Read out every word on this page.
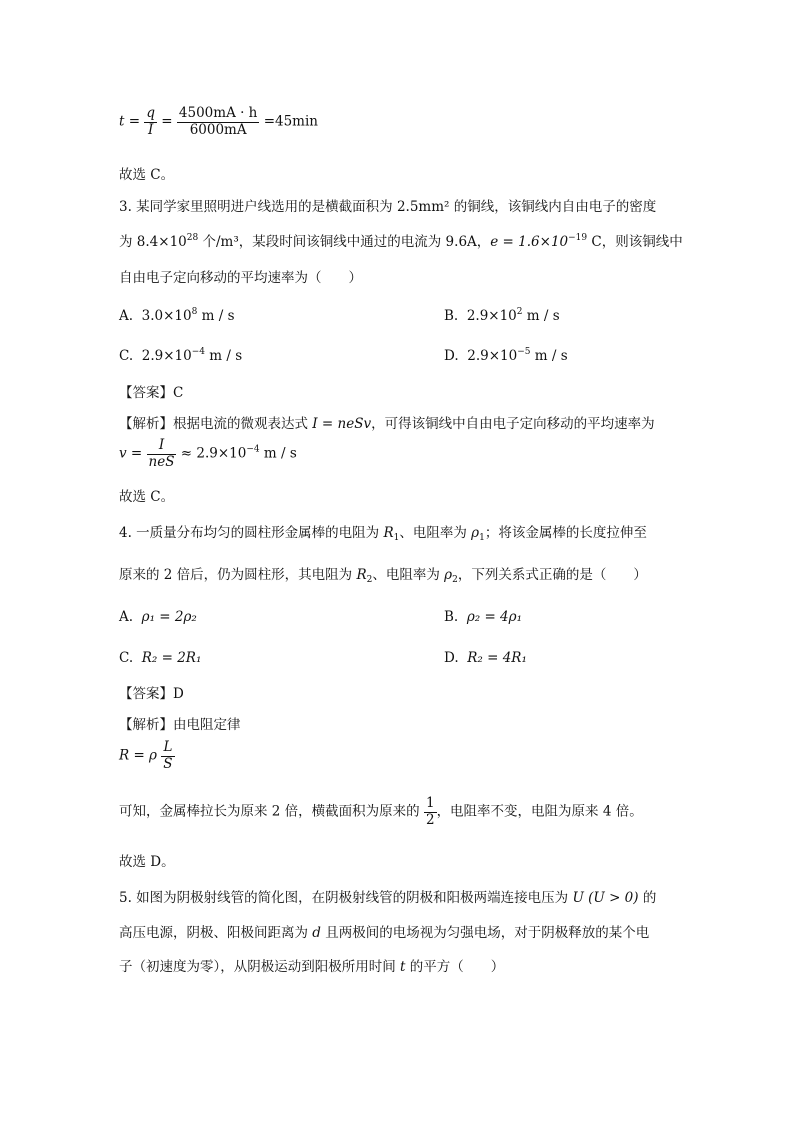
$t = \frac{q}{I} = \frac{4500mA \cdot h}{6000mA} =45\min$
故选 C。
3. 某同学家里照明进户线选用的是横截面积为 2.5mm² 的铜线，该铜线内自由电子的密度
为 $8.4\times 10^{28}$ 个/m³，某段时间该铜线中通过的电流为 9.6A，$e = 1.6\times 10^{-19}$ C，则该铜线中
自由电子定向移动的平均速率为（　　）
A. $3.0\times 10^8$ m / s	B. $2.9\times 10^2$ m / s
C. $2.9\times 10^{-4}$ m / s	D. $2.9\times 10^{-5}$ m / s
【答案】C
【解析】根据电流的微观表达式 I = neSv，可得该铜线中自由电子定向移动的平均速率为
$v = \frac{I}{\text{neS}} \approx 2.9\times 10^{-4}$ m / s
故选 C。
4. 一质量分布均匀的圆柱形金属棒的电阻为 $R_1$、电阻率为 $\rho_1$；将该金属棒的长度拉伸至
原来的 2 倍后，仍为圆柱形，其电阻为 $R_2$、电阻率为 $\rho_2$，下列关系式正确的是（　　）
A. ρ₁ = 2ρ₂	B. ρ₂ = 4ρ₁
C. R₂ = 2R₁	D. R₂ = 4R₁
【答案】D
【解析】由电阻定律
R = ρ $\frac{L}{S}$
可知，金属棒拉长为原来 2 倍，横截面积为原来的 $\frac{1}{2}$ ，电阻率不变，电阻为原来 4 倍。
故选 D。
5. 如图为阴极射线管的简化图，在阴极射线管的阴极和阳极两端连接电压为 U (U > 0) 的
高压电源，阴极、阳极间距离为 d 且两极间的电场视为匀强电场，对于阴极释放的某个电
子（初速度为零），从阴极运动到阳极所用时间 t 的平方（　　）
